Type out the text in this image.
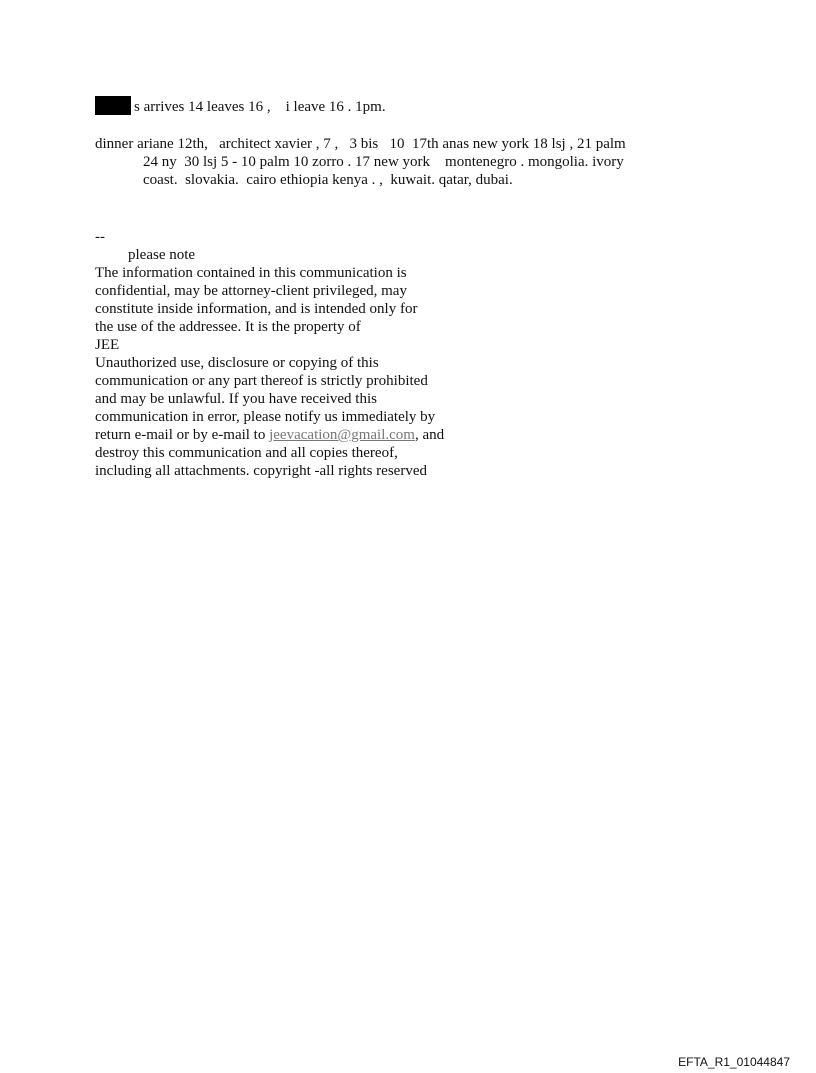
s arrives 14 leaves 16 ,    i leave 16 . 1pm.
dinner ariane 12th,   architect xavier , 7 ,   3 bis   10  17th anas new york 18 lsj , 21 palm
24 ny  30 lsj 5 - 10 palm 10 zorro . 17 new york    montenegro . mongolia. ivory
coast.  slovakia.  cairo ethiopia kenya . ,  kuwait. qatar, dubai.
--
please note
The information contained in this communication is
confidential, may be attorney-client privileged, may
constitute inside information, and is intended only for
the use of the addressee. It is the property of
JEE
Unauthorized use, disclosure or copying of this
communication or any part thereof is strictly prohibited
and may be unlawful. If you have received this
communication in error, please notify us immediately by
return e-mail or by e-mail to jeevacation@gmail.com, and
destroy this communication and all copies thereof,
including all attachments. copyright -all rights reserved
EFTA_R1_01044847
